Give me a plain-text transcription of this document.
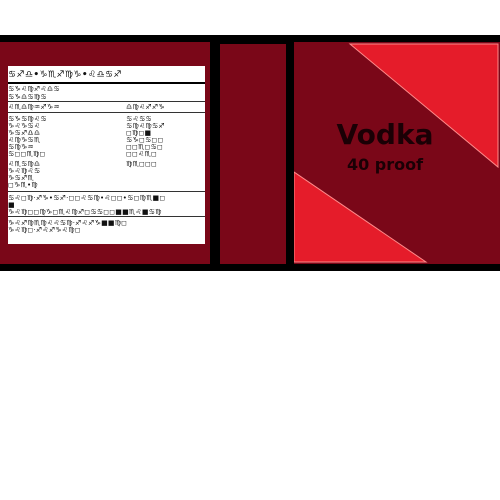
♋♐♎•♑♏♐♍♑•♌♎♋♐
♋♑♌♍♐♌♎♋
♋♑♎♋♍♋
♌♏♎♍♒♐♑♒	♎♍♌♐♐♑
♋♑♋♍♌♋
♑♌♑♋♌
♑♋♐♎♎
♌♍♑♋♏
♋♍♑♒
♋◻◻♏♍◻
♋♌♋♋
♋♍♌♍♋♐
◻♍◻■
♋♑◻♋◻◻
◻◻♏◻♋◻
◻◻♌♏◻
♌♏♋♍♎
♑♌♍♌♋
♑♋♐♏
◻♑♏•♍
♍♏◻◻◻
♋♌◻♍·♐♑•♋♐·◻◻♌♋♍•♌◻◻•♋◻♍♏■◻
■
♑♌♍◻◻♍♑◻♏♌♍♐◻♋♋◻◻■■♏♌■♋♍
♑♌♐♍♏♍♌♌♋♍·♐♌♐♑■■♍◻
♑♌♍◻·♐♌♐♑♌♍◻
Vodka
40 proof
